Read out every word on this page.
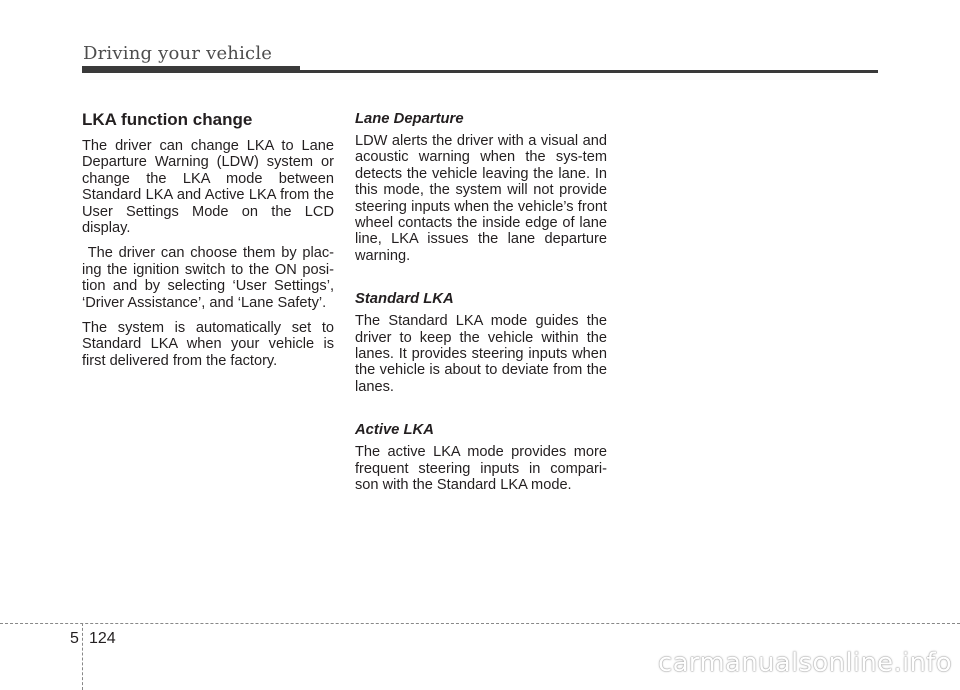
Driving your vehicle
LKA function change

The driver can change LKA to Lane Departure Warning (LDW) system or change the LKA mode between Standard LKA and Active LKA from the User Settings Mode on the LCD display.

The driver can choose them by plac-ing the ignition switch to the ON posi-tion and by selecting ‘User Settings’, ‘Driver Assistance’, and ‘Lane Safety’.

The system is automatically set to Standard LKA when your vehicle is first delivered from the factory.

Lane Departure

LDW alerts the driver with a visual and acoustic warning when the sys-tem detects the vehicle leaving the lane. In this mode, the system will not provide steering inputs when the vehicle’s front wheel contacts the inside edge of lane line, LKA issues the lane departure warning.

Standard LKA

The Standard LKA mode guides the driver to keep the vehicle within the lanes. It provides steering inputs when the vehicle is about to deviate from the lanes.

Active LKA

The active LKA mode provides more frequent steering inputs in compari-son with the Standard LKA mode.

5 124
carmanualsonline.info
